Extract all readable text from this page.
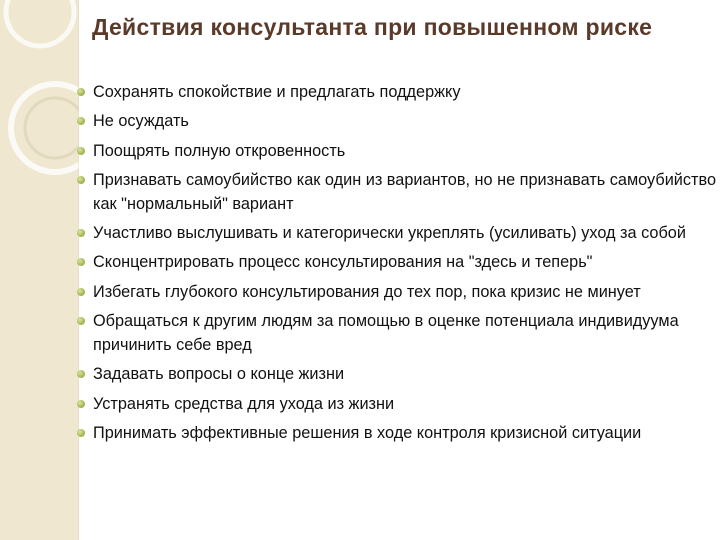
Действия консультанта при повышенном риске
Сохранять спокойствие и предлагать поддержку
Не осуждать
Поощрять полную откровенность
Признавать самоубийство как один из вариантов, но не признавать самоубийство как "нормальный" вариант
Участливо выслушивать и категорически укреплять (усиливать) уход за собой
Сконцентрировать процесс консультирования на "здесь и теперь"
Избегать глубокого консультирования до тех пор, пока кризис не минует
Обращаться к другим людям за помощью в оценке потенциала индивидуума причинить себе вред
Задавать вопросы о конце жизни
Устранять средства для ухода из жизни
Принимать эффективные решения в ходе контроля кризисной ситуации
